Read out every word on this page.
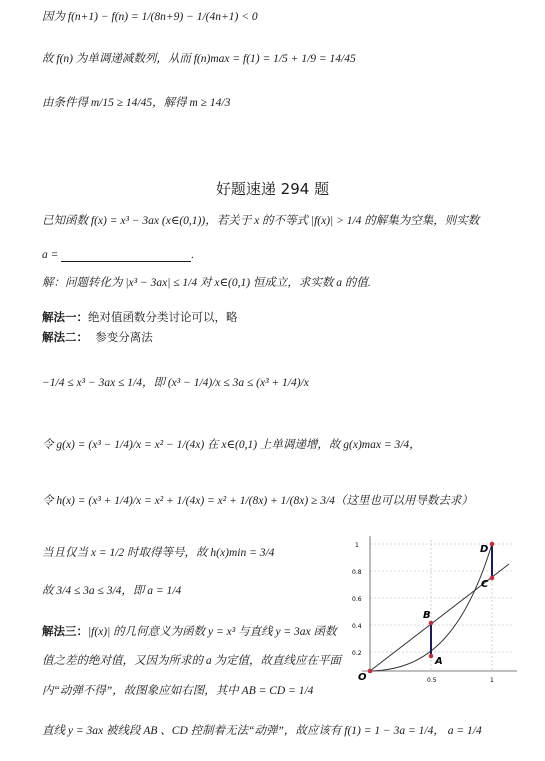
因为 f(n+1) − f(n) = 1/(8n+9) − 1/(4n+1) < 0
故 f(n) 为单调递减数列，从而 f(n)max = f(1) = 1/5 + 1/9 = 14/45
由条件得 m/15 ≥ 14/45，解得 m ≥ 14/3
好题速递 294 题
已知函数 f(x) = x³ − 3ax (x∈(0,1))，若关于 x 的不等式 |f(x)| > 1/4 的解集为空集，则实数
a =	.
解：问题转化为 |x³ − 3ax| ≤ 1/4 对 x∈(0,1) 恒成立，求实数 a 的值.
解法一：绝对值函数分类讨论可以，略
解法二： 参变分离法
−1/4 ≤ x³ − 3ax ≤ 1/4，即 (x³ − 1/4)/x ≤ 3a ≤ (x³ + 1/4)/x
令 g(x) = (x³ − 1/4)/x = x² − 1/(4x) 在 x∈(0,1) 上单调递增，故 g(x)max = 3/4，
令 h(x) = (x³ + 1/4)/x = x² + 1/(4x) = x² + 1/(8x) + 1/(8x) ≥ 3/4（这里也可以用导数去求）
当且仅当 x = 1/2 时取得等号，故 h(x)min = 3/4
故 3/4 ≤ 3a ≤ 3/4，即 a = 1/4
解法三：|f(x)| 的几何意义为函数 y = x³ 与直线 y = 3ax 函数
值之差的绝对值，又因为所求的 a 为定值，故直线应在平面
内“动弹不得”，故图象应如右图，其中 AB = CD = 1/4
直线 y = 3ax 被线段 AB 、CD 控制着无法“动弹”，故应该有 f(1) = 1 − 3a = 1/4， a = 1/4
1
0.8
0.6
0.4
0.2
0.5	1
O
A
B
C
D
